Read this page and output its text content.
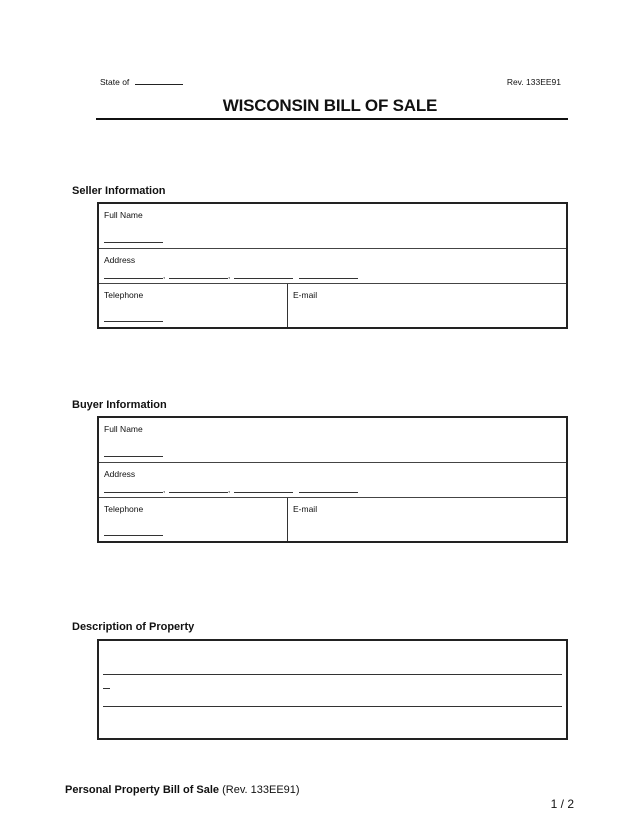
State of	Rev. 133EE91
WISCONSIN BILL OF SALE
Seller Information
Full Name
Address
,	,
Telephone	E-mail
Buyer Information
Full Name
Address
,	,
Telephone	E-mail
Description of Property
Personal Property Bill of Sale (Rev. 133EE91)
1 / 2
